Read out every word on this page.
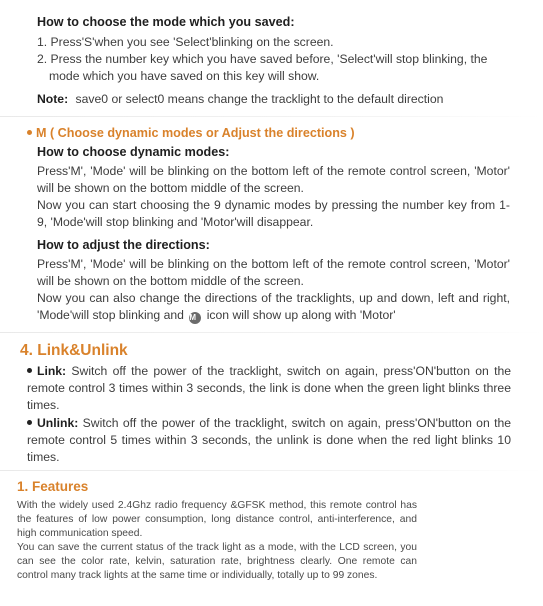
How to choose the mode which you saved:
1. Press'S'when you see 'Select'blinking on the screen.
2. Press the number key which you have saved before, 'Select'will stop blinking, the
mode which you have saved on this key will show.
Note: save0 or select0 means change the tracklight to the default direction
M ( Choose dynamic modes or Adjust the directions )
How to choose dynamic modes:
Press'M', 'Mode' will be blinking on the bottom left of the remote control screen, 'Motor' will be shown on the bottom middle of the screen.
Now you can start choosing the 9 dynamic modes by pressing the number key from 1-9, 'Mode'will stop blinking and 'Motor'will disappear.
How to adjust the directions:
Press'M', 'Mode' will be blinking on the bottom left of the remote control screen, 'Motor' will be shown on the bottom middle of the screen.
Now you can also change the directions of the tracklights, up and down, left and right, 'Mode'will stop blinking and M icon will show up along with 'Motor'
4. Link&Unlink
Link: Switch off the power of the tracklight, switch on again, press'ON'button on the remote control 3 times within 3 seconds, the link is done when the green light blinks three times.
Unlink: Switch off the power of the tracklight, switch on again, press'ON'button on the remote control 5 times within 3 seconds, the unlink is done when the red light blinks 10 times.
1. Features
With the widely used 2.4Ghz radio frequency &GFSK method, this remote control has the features of low power consumption, long distance control, anti-interference, and high communication speed.
You can save the current status of the track light as a mode, with the LCD screen, you can see the color rate, kelvin, saturation rate, brightness clearly. One remote can control many track lights at the same time or individually, totally up to 99 zones.
